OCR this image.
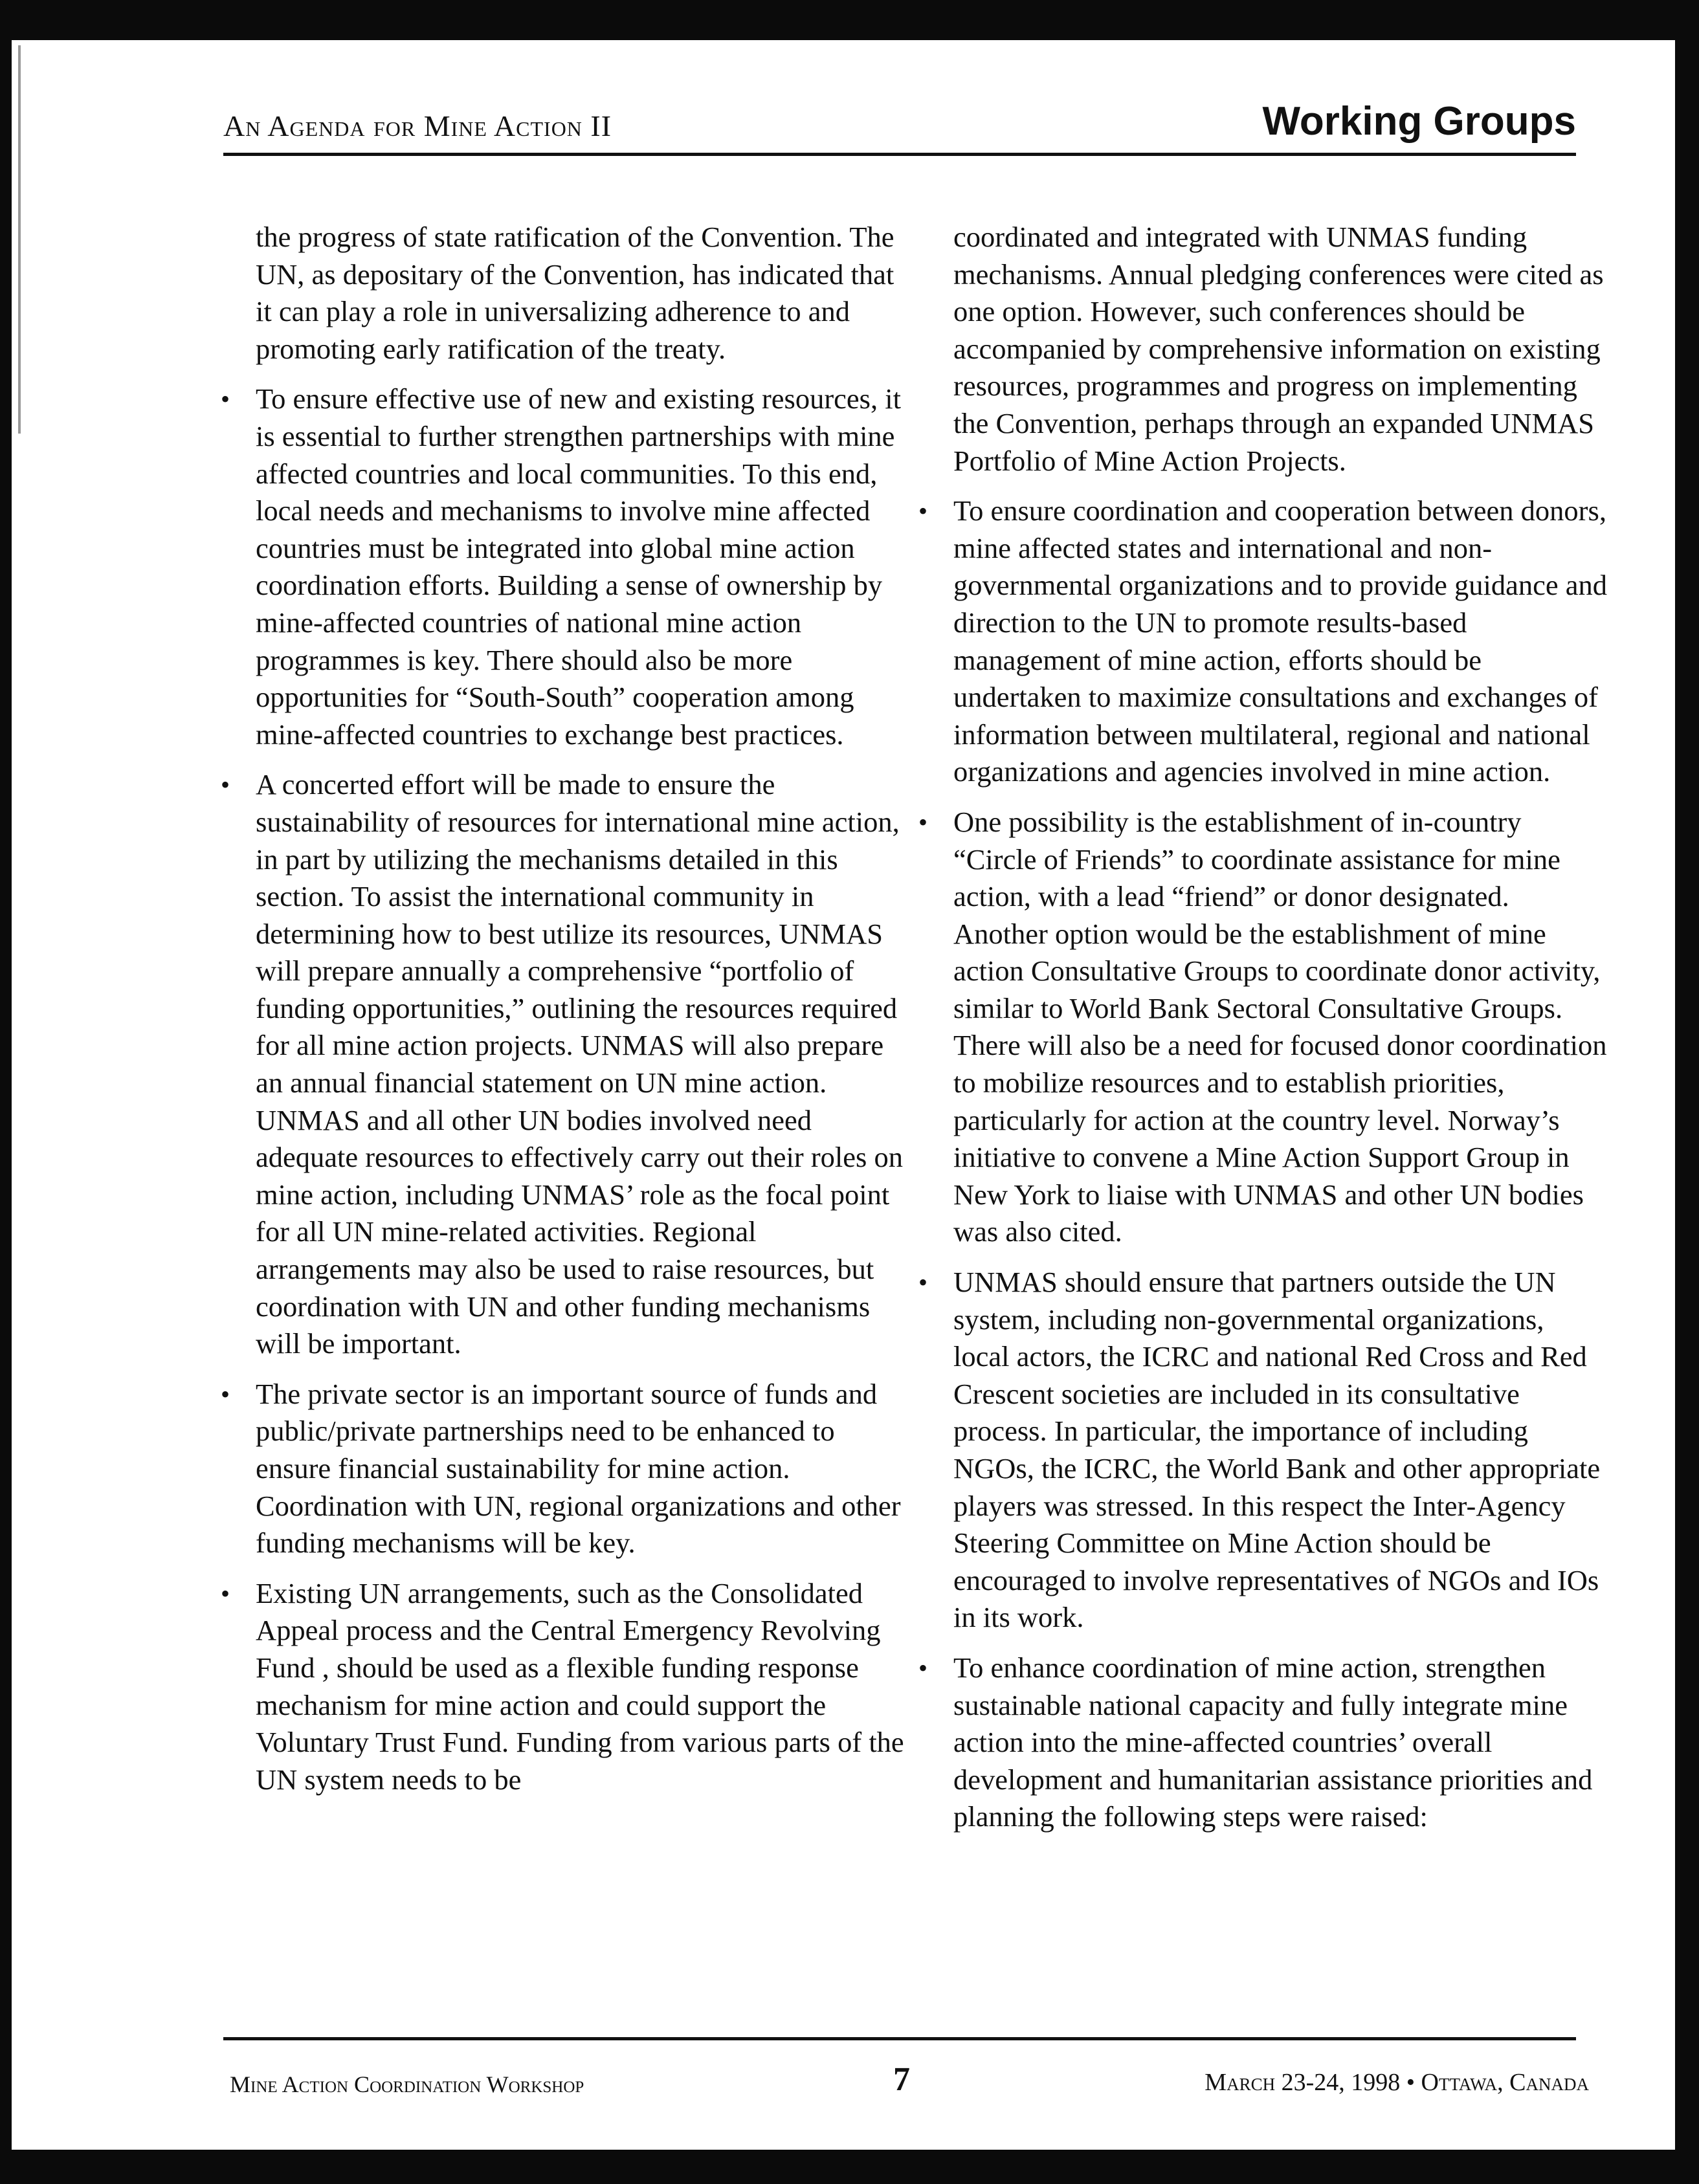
An Agenda for Mine Action II	Working Groups

the progress of state ratification of the Convention. The UN, as depositary of the Convention, has indicated that it can play a role in universalizing adherence to and promoting early ratification of the treaty.

• To ensure effective use of new and existing resources, it is essential to further strengthen partnerships with mine affected countries and local communities. To this end, local needs and mechanisms to involve mine affected countries must be integrated into global mine action coordination efforts. Building a sense of ownership by mine-affected countries of national mine action programmes is key. There should also be more opportunities for “South-South” cooperation among mine-affected countries to exchange best practices.
• A concerted effort will be made to ensure the sustainability of resources for international mine action, in part by utilizing the mechanisms detailed in this section. To assist the international community in determining how to best utilize its resources, UNMAS will prepare annually a comprehensive “portfolio of funding opportunities,” outlining the resources required for all mine action projects. UNMAS will also prepare an annual financial statement on UN mine action. UNMAS and all other UN bodies involved need adequate resources to effectively carry out their roles on mine action, including UNMAS’ role as the focal point for all UN mine-related activities. Regional arrangements may also be used to raise resources, but coordination with UN and other funding mechanisms will be important.
• The private sector is an important source of funds and public/private partnerships need to be enhanced to ensure financial sustainability for mine action. Coordination with UN, regional organizations and other funding mechanisms will be key.
• Existing UN arrangements, such as the Consolidated Appeal process and the Central Emergency Revolving Fund , should be used as a flexible funding response mechanism for mine action and could support the Voluntary Trust Fund. Funding from various parts of the UN system needs to be

coordinated and integrated with UNMAS funding mechanisms. Annual pledging conferences were cited as one option. However, such conferences should be accompanied by comprehensive information on existing resources, programmes and progress on implementing the Convention, perhaps through an expanded UNMAS Portfolio of Mine Action Projects.

• To ensure coordination and cooperation between donors, mine affected states and international and non-governmental organizations and to provide guidance and direction to the UN to promote results-based management of mine action, efforts should be undertaken to maximize consultations and exchanges of information between multilateral, regional and national organizations and agencies involved in mine action.
• One possibility is the establishment of in-country “Circle of Friends” to coordinate assistance for mine action, with a lead “friend” or donor designated. Another option would be the establishment of mine action Consultative Groups to coordinate donor activity, similar to World Bank Sectoral Consultative Groups. There will also be a need for focused donor coordination to mobilize resources and to establish priorities, particularly for action at the country level. Norway’s initiative to convene a Mine Action Support Group in New York to liaise with UNMAS and other UN bodies was also cited.
• UNMAS should ensure that partners outside the UN system, including non-governmental organizations, local actors, the ICRC and national Red Cross and Red Crescent societies are included in its consultative process. In particular, the importance of including NGOs, the ICRC, the World Bank and other appropriate players was stressed. In this respect the Inter-Agency Steering Committee on Mine Action should be encouraged to involve representatives of NGOs and IOs in its work.
• To enhance coordination of mine action, strengthen sustainable national capacity and fully integrate mine action into the mine-affected countries’ overall development and humanitarian assistance priorities and planning the following steps were raised:
Mine Action Coordination Workshop	7	March 23-24, 1998 • Ottawa, Canada
